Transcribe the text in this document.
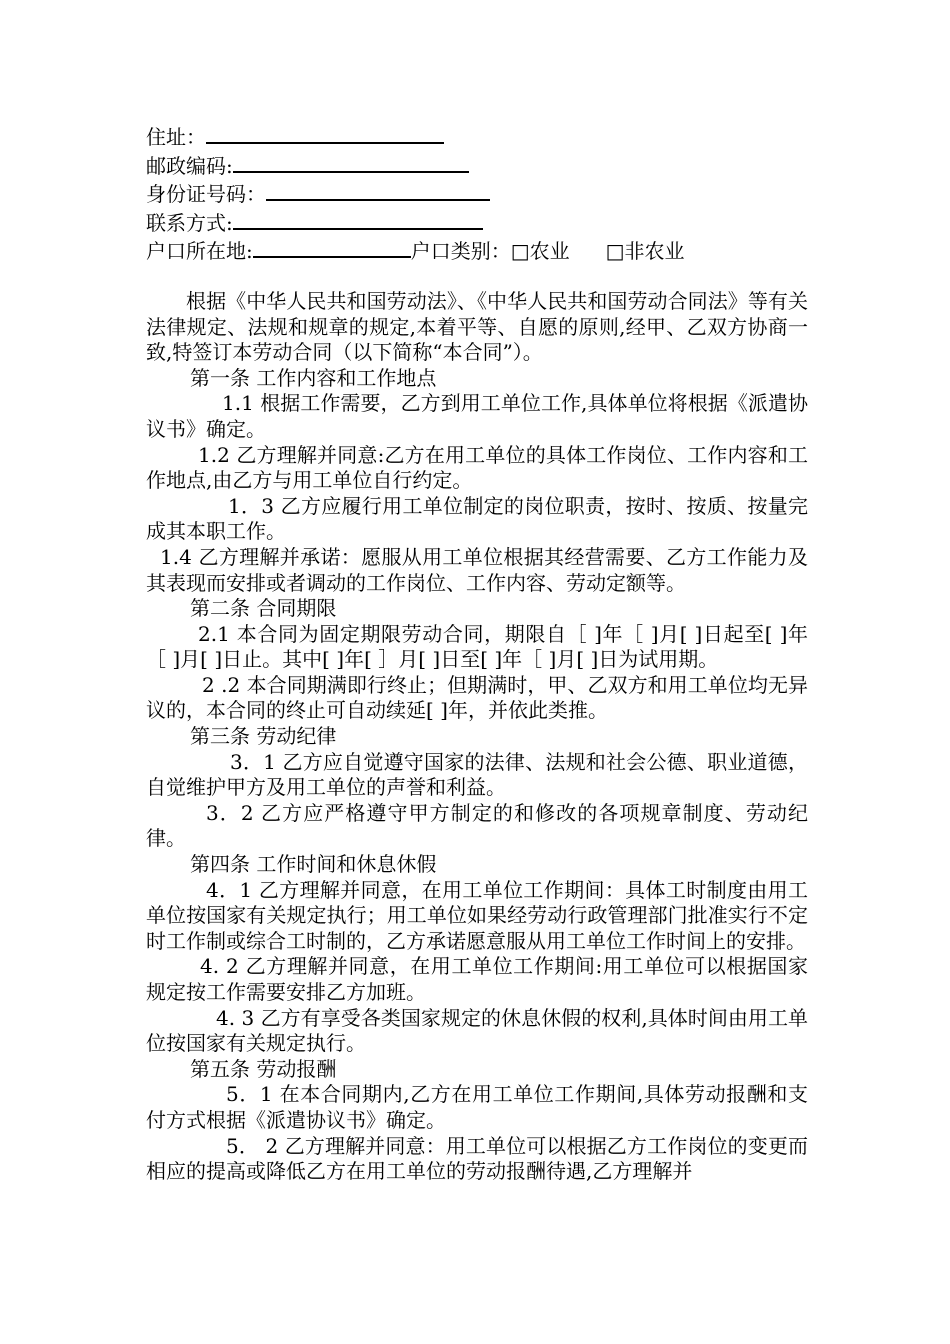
住址：
邮政编码:
身份证号码：
联系方式:
户口所在地:	户口类别：□农业 □非农业
根据《中华人民共和国劳动法》、《中华人民共和国劳动合同法》等有关法律规定、法规和规章的规定,本着平等、自愿的原则,经甲、乙双方协商一致,特签订本劳动合同（以下简称“本合同”）。
第一条 工作内容和工作地点
1.1 根据工作需要，乙方到用工单位工作,具体单位将根据《派遣协议书》确定。
1.2 乙方理解并同意:乙方在用工单位的具体工作岗位、工作内容和工作地点,由乙方与用工单位自行约定。
1．3 乙方应履行用工单位制定的岗位职责，按时、按质、按量完成其本职工作。
1.4 乙方理解并承诺：愿服从用工单位根据其经营需要、乙方工作能力及其表现而安排或者调动的工作岗位、工作内容、劳动定额等。
第二条 合同期限
2.1 本合同为固定期限劳动合同，期限自［ ]年［ ]月[ ]日起至[ ]年［ ]月[ ]日止。其中[ ]年[ ］月[ ]日至[ ]年［ ]月[ ]日为试用期。
2 .2 本合同期满即行终止；但期满时，甲、乙双方和用工单位均无异议的，本合同的终止可自动续延[ ]年，并依此类推。
第三条 劳动纪律
3．1 乙方应自觉遵守国家的法律、法规和社会公德、职业道德，自觉维护甲方及用工单位的声誉和利益。
3．2 乙方应严格遵守甲方制定的和修改的各项规章制度、劳动纪律。
第四条 工作时间和休息休假
4．1 乙方理解并同意，在用工单位工作期间：具体工时制度由用工单位按国家有关规定执行；用工单位如果经劳动行政管理部门批准实行不定时工作制或综合工时制的，乙方承诺愿意服从用工单位工作时间上的安排。
4. 2 乙方理解并同意，在用工单位工作期间:用工单位可以根据国家规定按工作需要安排乙方加班。
4. 3 乙方有享受各类国家规定的休息休假的权利,具体时间由用工单位按国家有关规定执行。
第五条 劳动报酬
5．1 在本合同期内,乙方在用工单位工作期间,具体劳动报酬和支付方式根据《派遣协议书》确定。
5． 2 乙方理解并同意：用工单位可以根据乙方工作岗位的变更而相应的提高或降低乙方在用工单位的劳动报酬待遇,乙方理解并
